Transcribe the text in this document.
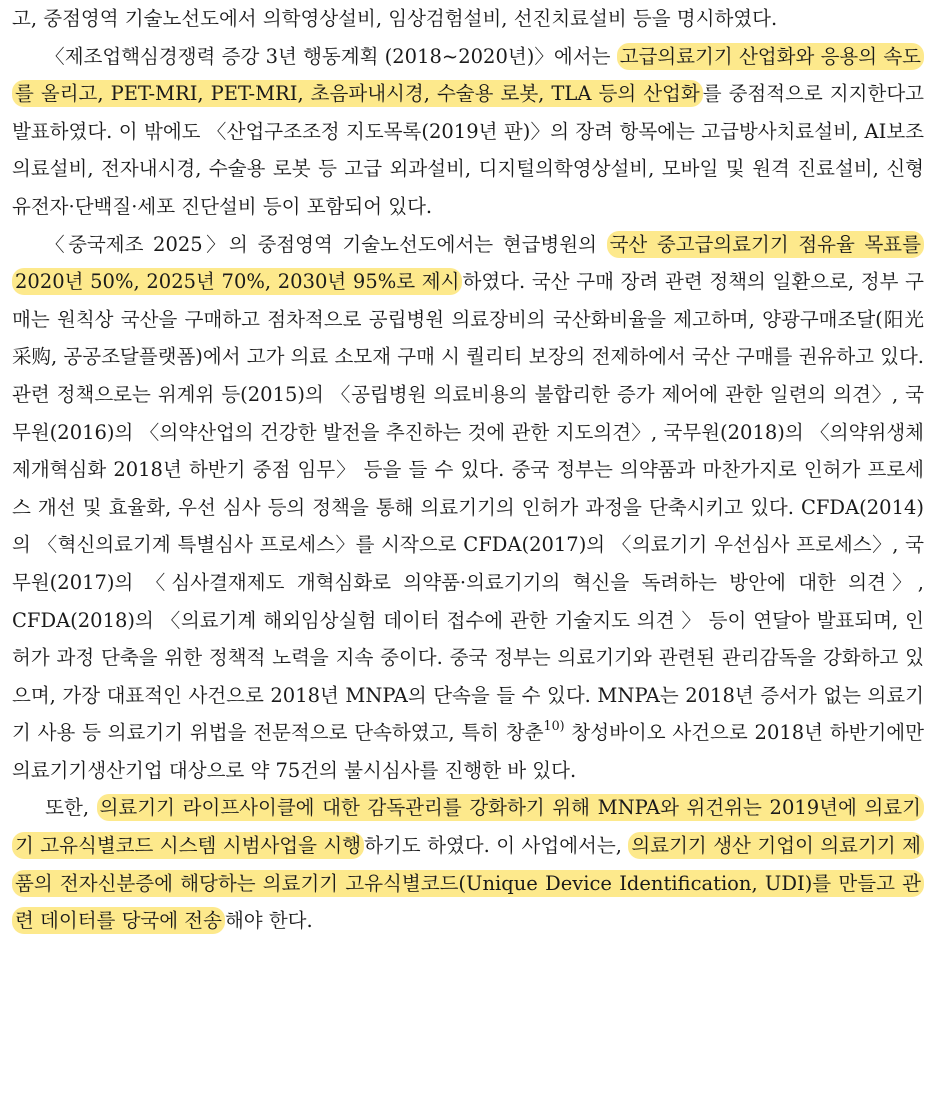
고, 중점영역 기술노선도에서 의학영상설비, 임상검험설비, 선진치료설비 등을 명시하였다.

〈제조업핵심경쟁력 증강 3년 행동계획 (2018~2020년)〉에서는 고급의료기기 산업화와 응용의 속도를 올리고, PET-MRI, PET-MRI, 초음파내시경, 수술용 로봇, TLA 등의 산업화 를 중점적으로 지지한다고 발표하였다. 이 밖에도 〈산업구조조정 지도목록(2019년 판)〉의 장려 항목에는 고급방사치료설비, AI보조의료설비, 전자내시경, 수술용 로봇 등 고급 외과설비, 디지털의학영상설비, 모바일 및 원격 진료설비, 신형 유전자·단백질·세포 진단설비 등이 포함되어 있다.

〈중국제조 2025〉의 중점영역 기술노선도에서는 현급병원의 국산 중고급의료기기 점유율 목표를 2020년 50%, 2025년 70%, 2030년 95%로 제시 하였다. 국산 구매 장려 관련 정책의 일환으로, 정부 구매는 원칙상 국산을 구매하고 점차적으로 공립병원 의료장비의 국산화비율을 제고하며, 양광구매조달(阳光采购, 공공조달플랫폼)에서 고가 의료 소모재 구매 시 퀄리티 보장의 전제하에서 국산 구매를 권유하고 있다. 관련 정책으로는 위계위 등(2015)의 〈공립병원 의료비용의 불합리한 증가 제어에 관한 일련의 의견〉, 국무원(2016)의 〈의약산업의 건강한 발전을 추진하는 것에 관한 지도의견〉, 국무원(2018)의 〈의약위생체제개혁심화 2018년 하반기 중점 임무〉 등을 들 수 있다. 중국 정부는 의약품과 마찬가지로 인허가 프로세스 개선 및 효율화, 우선 심사 등의 정책을 통해 의료기기의 인허가 과정을 단축시키고 있다. CFDA(2014)의 〈혁신의료기계 특별심사 프로세스〉를 시작으로 CFDA(2017)의 〈의료기기 우선심사 프로세스〉, 국무원(2017)의 〈심사결재제도 개혁심화로 의약품·의료기기의 혁신을 독려하는 방안에 대한 의견〉, CFDA(2018)의 〈의료기계 해외임상실험 데이터 접수에 관한 기술지도 의견 〉 등이 연달아 발표되며, 인허가 과정 단축을 위한 정책적 노력을 지속 중이다. 중국 정부는 의료기기와 관련된 관리감독을 강화하고 있으며, 가장 대표적인 사건으로 2018년 MNPA의 단속을 들 수 있다. MNPA는 2018년 증서가 없는 의료기기 사용 등 의료기기 위법을 전문적으로 단속하였고, 특히 창춘$^{10)}$ 창성바이오 사건으로 2018년 하반기에만 의료기기생산기업 대상으로 약 75건의 불시심사를 진행한 바 있다.

또한, 의료기기 라이프사이클에 대한 감독관리를 강화하기 위해 MNPA와 위건위는 2019년에 의료기기 고유식별코드 시스템 시범사업을 시행 하기도 하였다. 이 사업에서는, 의료기기 생산 기업이 의료기기 제품의 전자신분증에 해당하는 의료기기 고유식별코드(Unique Device Identification, UDI)를 만들고 관련 데이터를 당국에 전송 해야 한다.
